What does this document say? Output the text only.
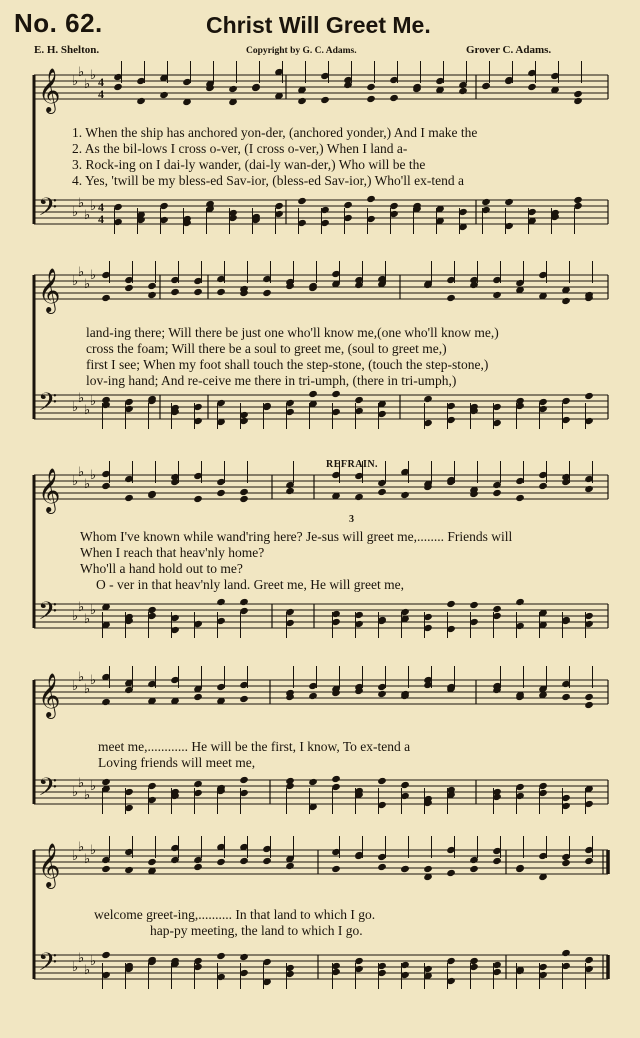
No. 62.	Christ Will Greet Me.
E. H. Shelton.	Copyright by G. C. Adams.	Grover C. Adams.
𝄞 ♭
♭
♭
♭ 4
4
𝄢 ♭
♭
♭
♭ 4
4
𝄞 ♭
♭
♭
♭
𝄢 ♭
♭
♭
♭
𝄞 ♭
♭
♭
♭
𝄢 ♭
♭
♭
♭
𝄞 ♭
♭
♭
♭
𝄢 ♭
♭
♭
♭
𝄞 ♭
♭
♭
♭
𝄢 ♭
♭
♭
♭
3
1. When the ship has anchored yon-der, (anchored yonder,) And I make the
2. As the bil-lows I cross o-ver, (I cross o-ver,) When I land a-
3. Rock-ing on I dai-ly wander, (dai-ly wan-der,) Who will be the
4. Yes, 'twill be my bless-ed Sav-ior, (bless-ed Sav-ior,) Who'll ex-tend a
land-ing there; Will there be just one who'll know me,(one who'll know me,)
cross the foam; Will there be a soul to greet me, (soul to greet me,)
first I see; When my foot shall touch the step-stone, (touch the step-stone,)
lov-ing hand; And re-ceive me there in tri-umph, (there in tri-umph,)
REFRAIN.
Whom I've known while wand'ring here? Je-sus will greet me,........ Friends will
When I reach that heav'nly home?
Who'll a hand hold out to me?
O - ver in that heav'nly land. Greet me, He will greet me,
meet me,............ He will be the first, I know, To ex-tend a
Loving friends will meet me,
welcome greet-ing,.......... In that land to which I go.
hap-py meeting, the land to which I go.
